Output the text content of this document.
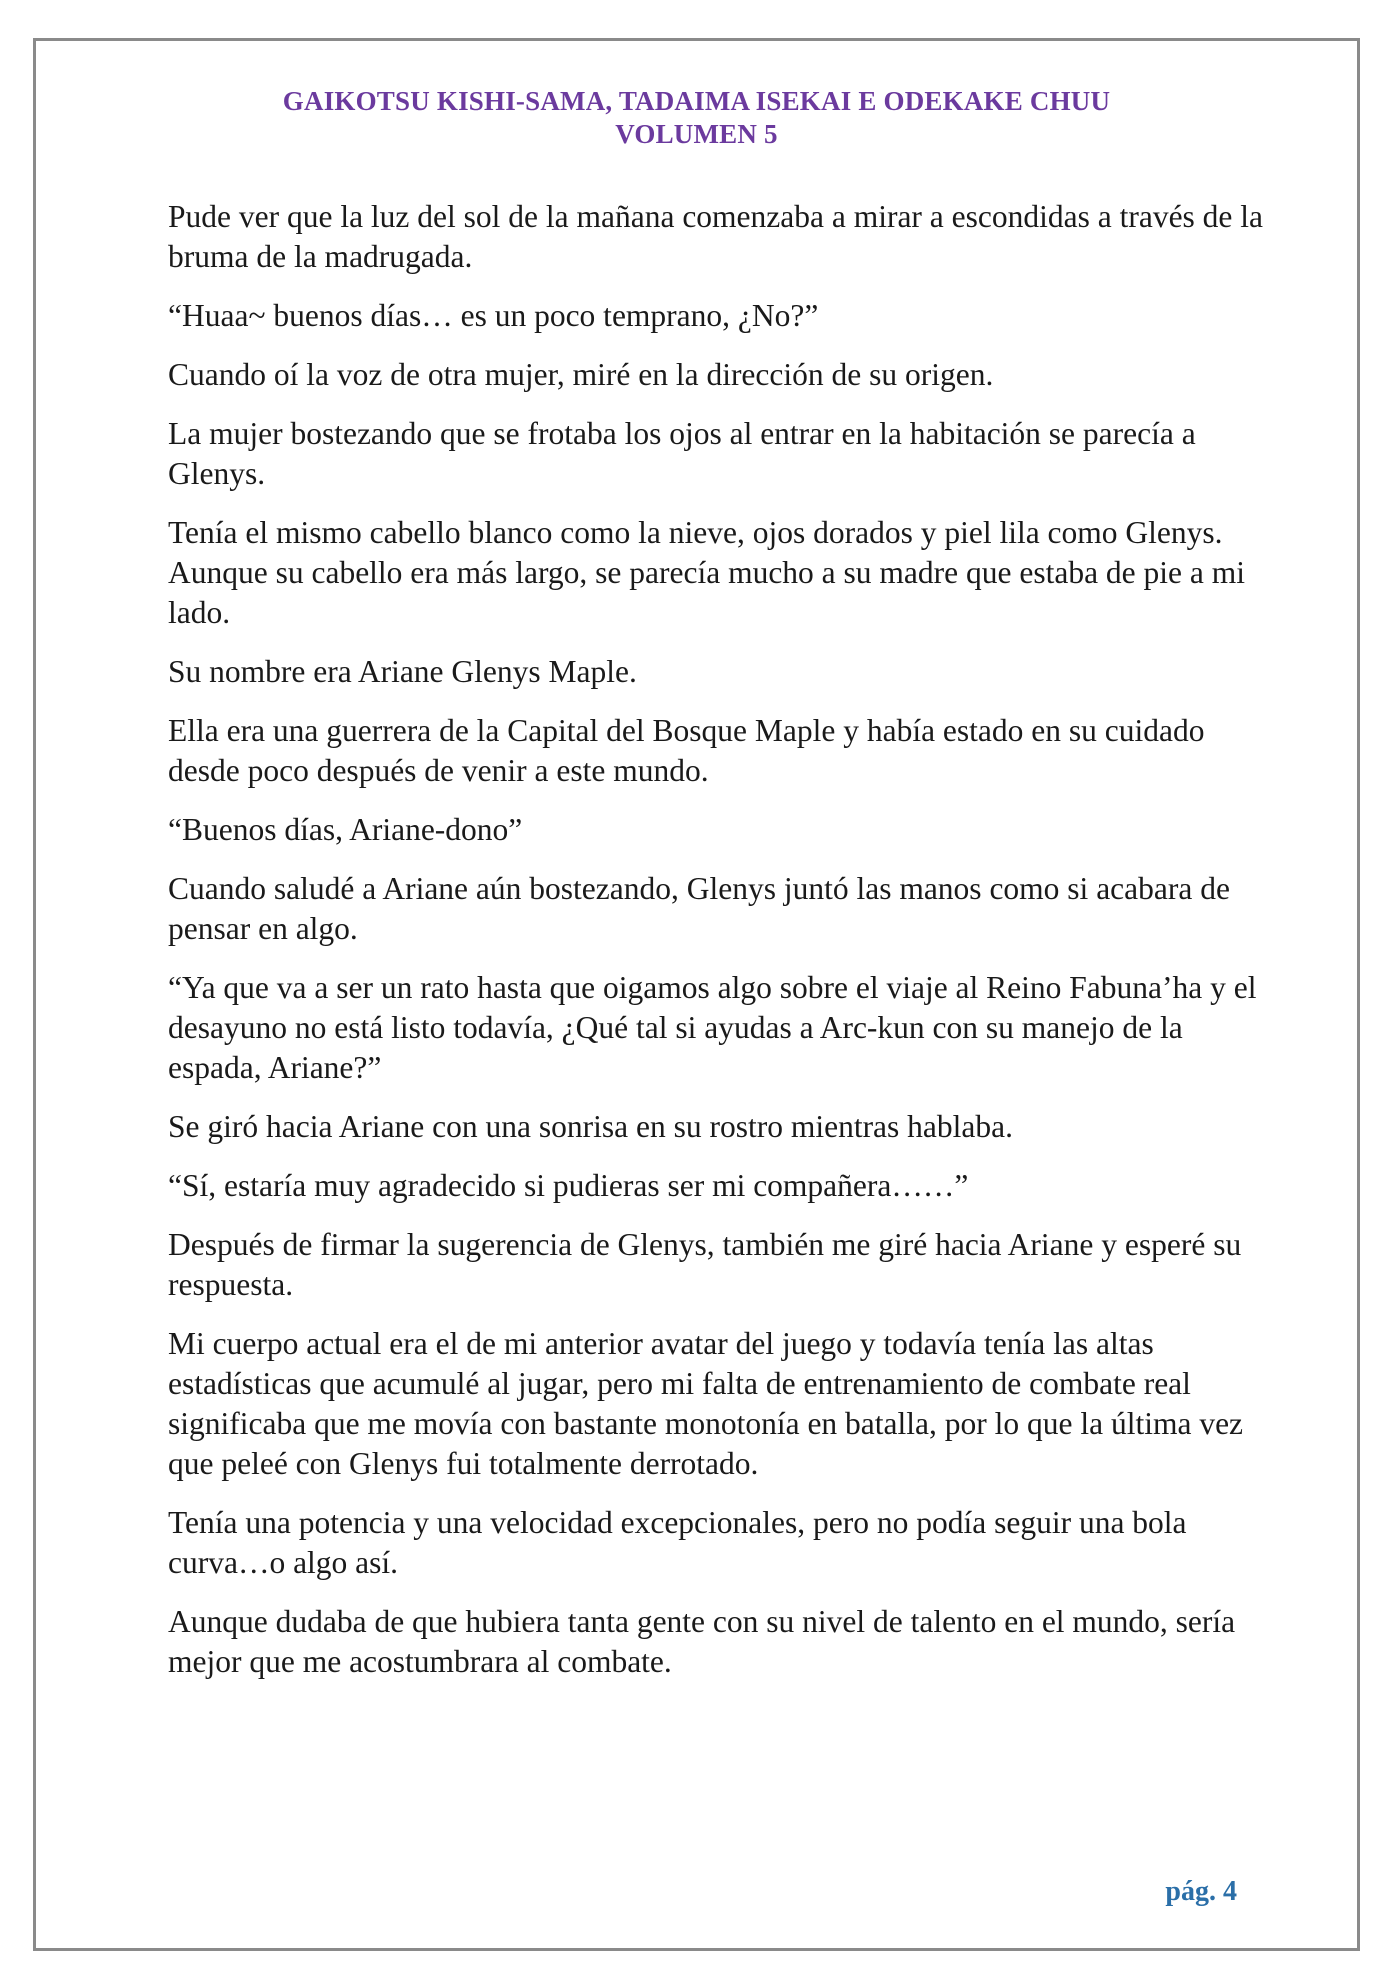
GAIKOTSU KISHI-SAMA, TADAIMA ISEKAI E ODEKAKE CHUU
VOLUMEN 5

Pude ver que la luz del sol de la mañana comenzaba a mirar a escondidas a través de la bruma de la madrugada.

“Huaa~ buenos días… es un poco temprano, ¿No?”

Cuando oí la voz de otra mujer, miré en la dirección de su origen.

La mujer bostezando que se frotaba los ojos al entrar en la habitación se parecía a Glenys.

Tenía el mismo cabello blanco como la nieve, ojos dorados y piel lila como Glenys. Aunque su cabello era más largo, se parecía mucho a su madre que estaba de pie a mi lado.

Su nombre era Ariane Glenys Maple.

Ella era una guerrera de la Capital del Bosque Maple y había estado en su cuidado desde poco después de venir a este mundo.

“Buenos días, Ariane-dono”

Cuando saludé a Ariane aún bostezando, Glenys juntó las manos como si acabara de pensar en algo.

“Ya que va a ser un rato hasta que oigamos algo sobre el viaje al Reino Fabuna’ha y el desayuno no está listo todavía, ¿Qué tal si ayudas a Arc-kun con su manejo de la espada, Ariane?”

Se giró hacia Ariane con una sonrisa en su rostro mientras hablaba.

“Sí, estaría muy agradecido si pudieras ser mi compañera……”

Después de firmar la sugerencia de Glenys, también me giré hacia Ariane y esperé su respuesta.

Mi cuerpo actual era el de mi anterior avatar del juego y todavía tenía las altas estadísticas que acumulé al jugar, pero mi falta de entrenamiento de combate real significaba que me movía con bastante monotonía en batalla, por lo que la última vez que peleé con Glenys fui totalmente derrotado.

Tenía una potencia y una velocidad excepcionales, pero no podía seguir una bola curva…o algo así.

Aunque dudaba de que hubiera tanta gente con su nivel de talento en el mundo, sería mejor que me acostumbrara al combate.

pág. 4
